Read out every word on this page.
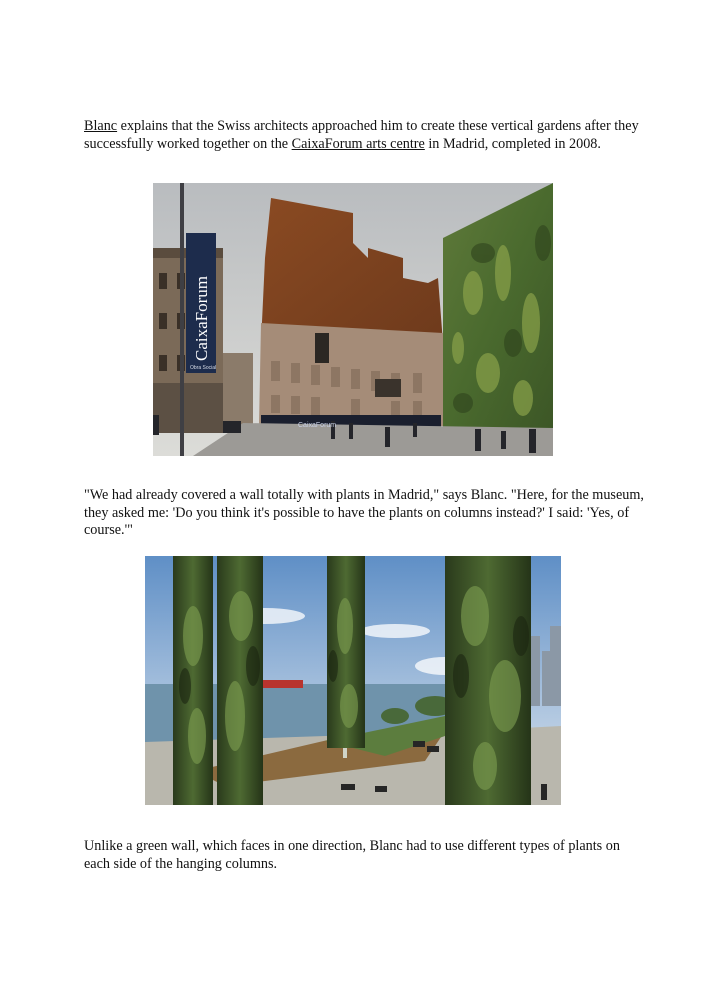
Blanc explains that the Swiss architects approached him to create these vertical gardens after they successfully worked together on the CaixaForum arts centre in Madrid, completed in 2008.

CaixaForum
Obra Social
CaixaForum

"We had already covered a wall totally with plants in Madrid," says Blanc. "Here, for the museum, they asked me: 'Do you think it's possible to have the plants on columns instead?' I said: 'Yes, of course.'"

Unlike a green wall, which faces in one direction, Blanc had to use different types of plants on each side of the hanging columns.
